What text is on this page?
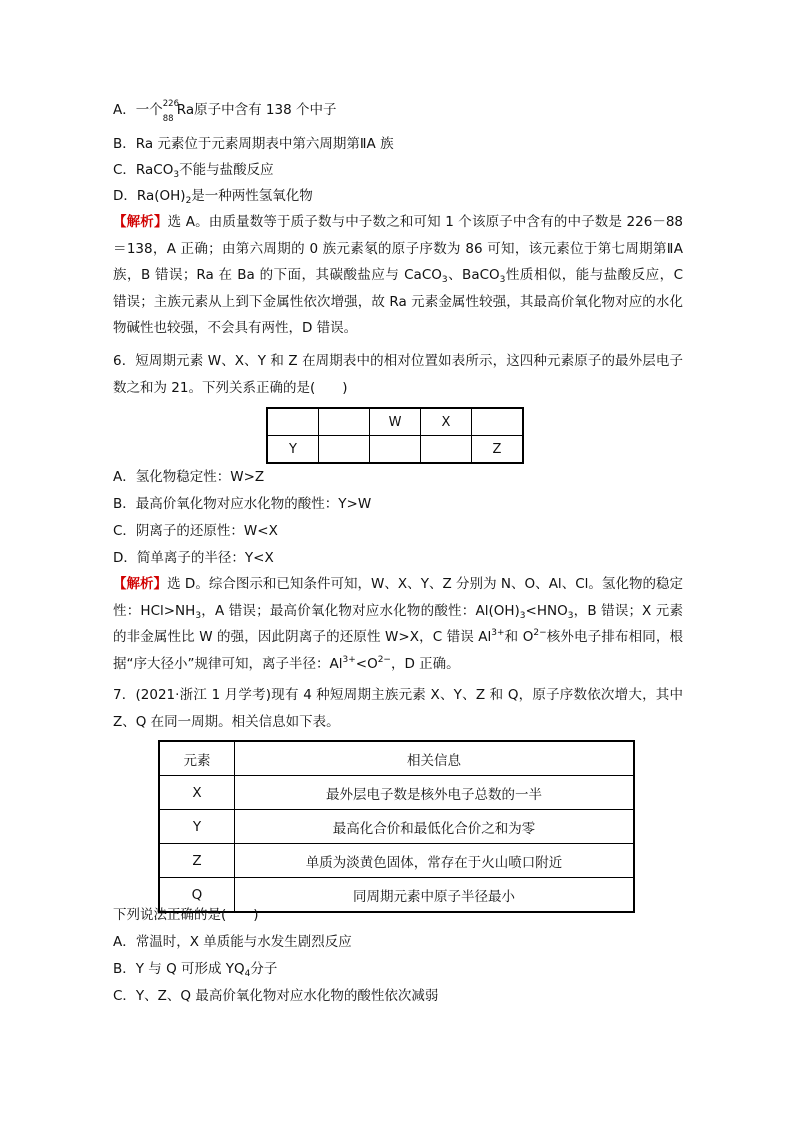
A．一个 226
88
Ra原子中含有 138 个中子
B．Ra 元素位于元素周期表中第六周期第ⅡA 族
C．RaCO$_3$不能与盐酸反应
D．$Ra(OH)_2$是一种两性氢氧化物
【解析】选 A。由质量数等于质子数与中子数之和可知 1 个该原子中含有的中子数是 226－88＝138，A 正确；由第六周期的 0 族元素氡的原子序数为 86 可知，该元素位于第七周期第ⅡA 族，B 错误；Ra 在 Ba 的下面，其碳酸盐应与 CaCO$_3$、BaCO$_3$性质相似，能与盐酸反应，C 错误；主族元素从上到下金属性依次增强，故 Ra 元素金属性较强，其最高价氧化物对应的水化物碱性也较强，不会具有两性，D 错误。
6．短周期元素 W、X、Y 和 Z 在周期表中的相对位置如表所示，这四种元素原子的最外层电子数之和为 21。下列关系正确的是(　　)
		W	X	
Y				Z
A．氢化物稳定性：W>Z
B．最高价氧化物对应水化物的酸性：Y>W
C．阴离子的还原性：W<X
D．简单离子的半径：Y<X
【解析】选 D。综合图示和已知条件可知，W、X、Y、Z 分别为 N、O、Al、Cl。氢化物的稳定性：$HCl>NH_3$，A 错误；最高价氧化物对应水化物的酸性：$Al(OH)_3<HNO_3$，B 错误；X 元素的非金属性比 W 的强，因此阴离子的还原性 W>X，C 错误 $Al^{3+}$和 $O^{2-}$核外电子排布相同，根据“序大径小”规律可知，离子半径：$Al^{3+}<O^{2-}$，D 正确。
7．(2021·浙江 1 月学考)现有 4 种短周期主族元素 X、Y、Z 和 Q，原子序数依次增大，其中 Z、Q 在同一周期。相关信息如下表。
元素	相关信息
X	最外层电子数是核外电子总数的一半
Y	最高化合价和最低化合价之和为零
Z	单质为淡黄色固体，常存在于火山喷口附近
Q	同周期元素中原子半径最小
下列说法正确的是(　　)
A．常温时，X 单质能与水发生剧烈反应
B．Y 与 Q 可形成 $YQ_4$分子
C．Y、Z、Q 最高价氧化物对应水化物的酸性依次减弱
